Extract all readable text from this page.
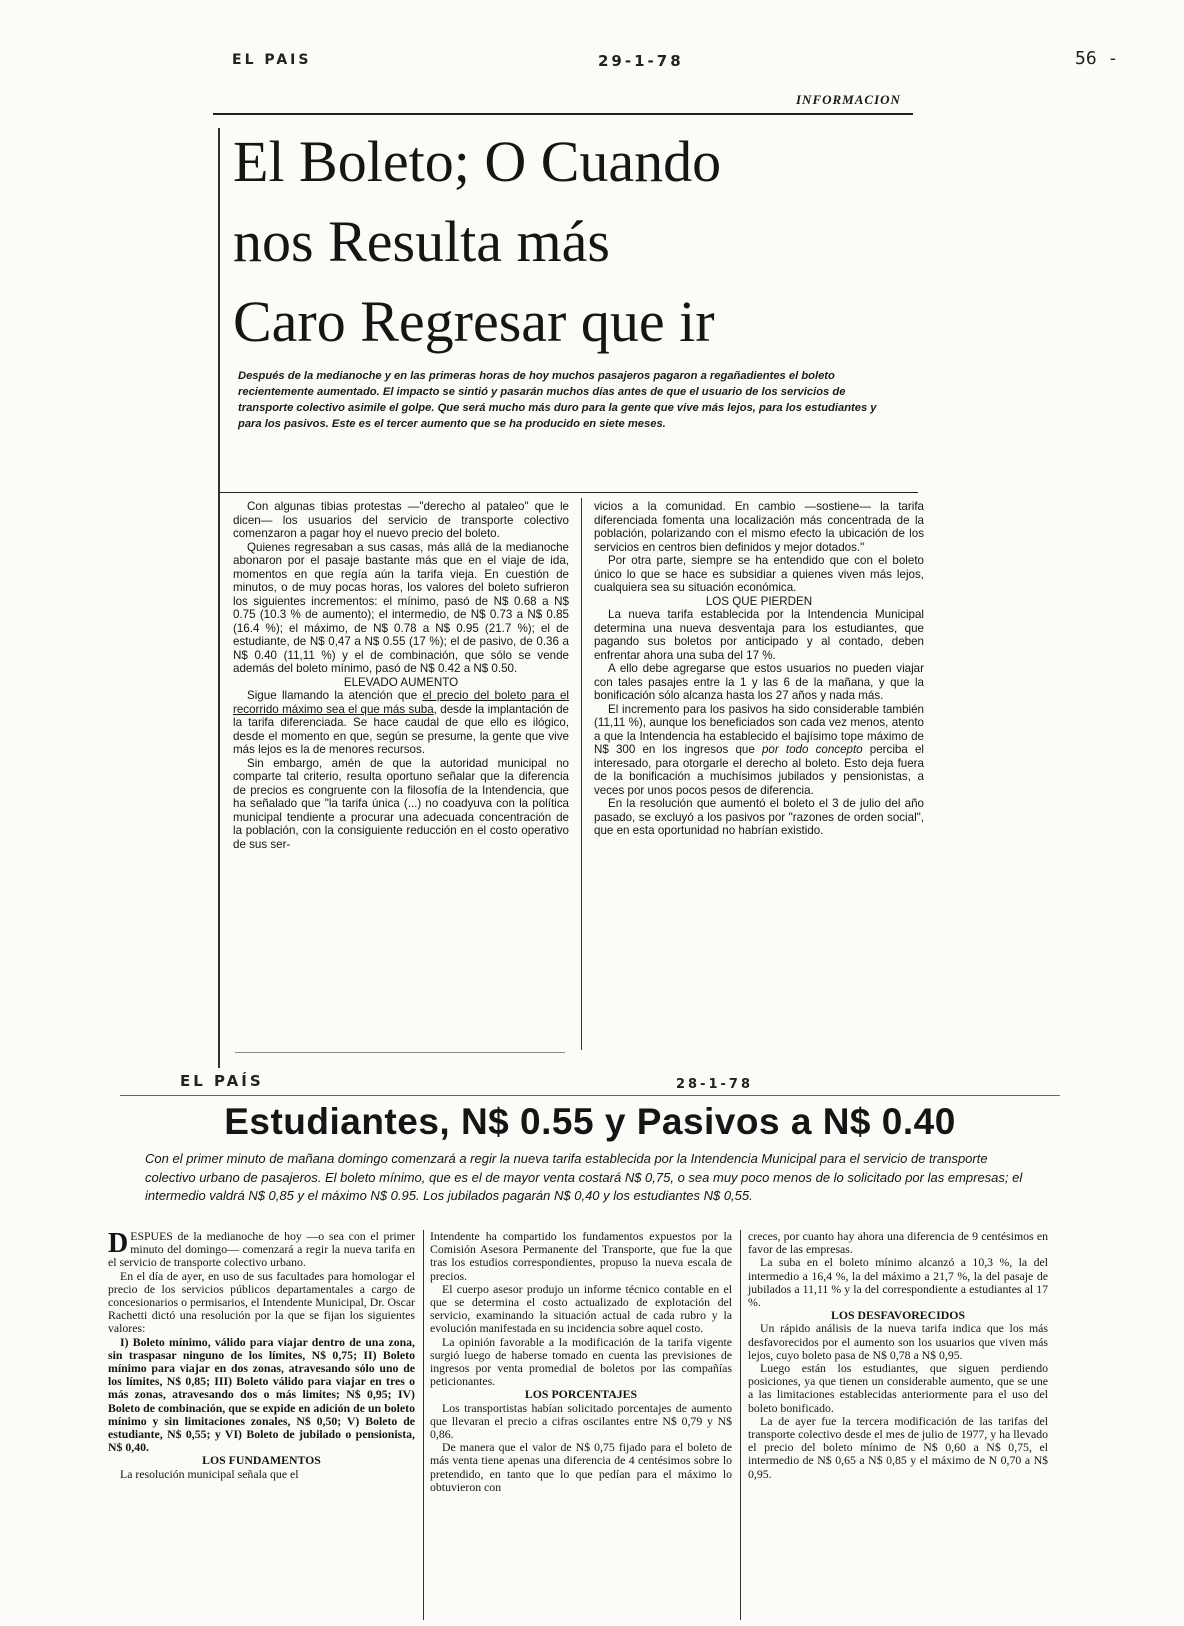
EL PAIS	29-1-78	56 -
INFORMACION
El Boleto; O Cuando
nos Resulta más
Caro Regresar que ir
Después de la medianoche y en las primeras horas de hoy muchos pasajeros pagaron a regañadientes el boleto recientemente aumentado. El impacto se sintió y pasarán muchos días antes de que el usuario de los servicios de transporte colectivo asimile el golpe. Que será mucho más duro para la gente que vive más lejos, para los estudiantes y para los pasivos. Este es el tercer aumento que se ha producido en siete meses.

Con algunas tibias protestas —"derecho al pataleo" que le dicen— los usuarios del servicio de transporte colectivo comenzaron a pagar hoy el nuevo precio del boleto.

Quienes regresaban a sus casas, más allá de la medianoche abonaron por el pasaje bastante más que en el viaje de ida, momentos en que regía aún la tarifa vieja. En cuestión de minutos, o de muy pocas horas, los valores del boleto sufrieron los siguientes incrementos: el mínimo, pasó de N$ 0.68 a N$ 0.75 (10.3 % de aumento); el intermedio, de N$ 0.73 a N$ 0.85 (16.4 %); el máximo, de N$ 0.78 a N$ 0.95 (21.7 %); el de estudiante, de N$ 0,47 a N$ 0.55 (17 %); el de pasivo, de 0.36 a N$ 0.40 (11,11 %) y el de combinación, que sólo se vende además del boleto mínimo, pasó de N$ 0.42 a N$ 0.50.

ELEVADO AUMENTO

Sigue llamando la atención que el precio del boleto para el recorrido máximo sea el que más suba, desde la implantación de la tarifa diferenciada. Se hace caudal de que ello es ilógico, desde el momento en que, según se presume, la gente que vive más lejos es la de menores recursos.

Sin embargo, amén de que la autoridad municipal no comparte tal criterio, resulta oportuno señalar que la diferencia de precios es congruente con la filosofía de la Intendencia, que ha señalado que "la tarifa única (...) no coadyuva con la política municipal tendiente a procurar una adecuada concentración de la población, con la consiguiente reducción en el costo operativo de sus ser-

vicios a la comunidad. En cambio —sostiene— la tarifa diferenciada fomenta una localización más concentrada de la población, polarizando con el mismo efecto la ubicación de los servicios en centros bien definidos y mejor dotados."

Por otra parte, siempre se ha entendido que con el boleto único lo que se hace es subsidiar a quienes viven más lejos, cualquiera sea su situación económica.

LOS QUE PIERDEN

La nueva tarifa establecida por la Intendencia Municipal determina una nueva desventaja para los estudiantes, que pagando sus boletos por anticipado y al contado, deben enfrentar ahora una suba del 17 %.

A ello debe agregarse que estos usuarios no pueden viajar con tales pasajes entre la 1 y las 6 de la mañana, y que la bonificación sólo alcanza hasta los 27 años y nada más.

El incremento para los pasivos ha sido considerable también (11,11 %), aunque los beneficiados son cada vez menos, atento a que la Intendencia ha establecido el bajísimo tope máximo de N$ 300 en los ingresos que por todo concepto perciba el interesado, para otorgarle el derecho al boleto. Esto deja fuera de la bonificación a muchísimos jubilados y pensionistas, a veces por unos pocos pesos de diferencia.

En la resolución que aumentó el boleto el 3 de julio del año pasado, se excluyó a los pasivos por "razones de orden social", que en esta oportunidad no habrían existido.

EL PAÍS	28-1-78
Estudiantes, N$ 0.55 y Pasivos a N$ 0.40
Con el primer minuto de mañana domingo comenzará a regir la nueva tarifa establecida por la Intendencia Municipal para el servicio de transporte colectivo urbano de pasajeros. El boleto mínimo, que es el de mayor venta costará N$ 0,75, o sea muy poco menos de lo solicitado por las empresas; el intermedio valdrá N$ 0,85 y el máximo N$ 0.95. Los jubilados pagarán N$ 0,40 y los estudiantes N$ 0,55.

DESPUES de la medianoche de hoy —o sea con el primer minuto del domingo— comenzará a regir la nueva tarifa en el servicio de transporte colectivo urbano.

En el día de ayer, en uso de sus facultades para homologar el precio de los servicios públicos departamentales a cargo de concesionarios o permisarios, el Intendente Municipal, Dr. Oscar Rachetti dictó una resolución por la que se fijan los siguientes valores:

I) Boleto mínimo, válido para viajar dentro de una zona, sin traspasar ninguno de los límites, N$ 0,75; II) Boleto mínimo para viajar en dos zonas, atravesando sólo uno de los límites, N$ 0,85; III) Boleto válido para viajar en tres o más zonas, atravesando dos o más limites; N$ 0,95; IV) Boleto de combinación, que se expide en adición de un boleto mínimo y sin limitaciones zonales, N$ 0,50; V) Boleto de estudiante, N$ 0,55; y VI) Boleto de jubilado o pensionista, N$ 0,40.

LOS FUNDAMENTOS

La resolución municipal señala que el

Intendente ha compartido los fundamentos expuestos por la Comisión Asesora Permanente del Transporte, que fue la que tras los estudios correspondientes, propuso la nueva escala de precios.

El cuerpo asesor produjo un informe técnico contable en el que se determina el costo actualizado de explotación del servicio, examinando la situación actual de cada rubro y la evolución manifestada en su incidencia sobre aquel costo.

La opinión favorable a la modificación de la tarifa vigente surgió luego de haberse tomado en cuenta las previsiones de ingresos por venta promedial de boletos por las compañías peticionantes.

LOS PORCENTAJES

Los transportistas habían solicitado porcentajes de aumento que llevaran el precio a cifras oscilantes entre N$ 0,79 y N$ 0,86.

De manera que el valor de N$ 0,75 fijado para el boleto de más venta tiene apenas una diferencia de 4 centésimos sobre lo pretendido, en tanto que lo que pedían para el máximo lo obtuvieron con

creces, por cuanto hay ahora una diferencia de 9 centésimos en favor de las empresas.

La suba en el boleto mínimo alcanzó a 10,3 %, la del intermedio a 16,4 %, la del máximo a 21,7 %, la del pasaje de jubilados a 11,11 % y la del correspondiente a estudiantes al 17 %.

LOS DESFAVORECIDOS

Un rápido análisis de la nueva tarifa indica que los más desfavorecidos por el aumento son los usuarios que viven más lejos, cuyo boleto pasa de N$ 0,78 a N$ 0,95.

Luego están los estudiantes, que siguen perdiendo posiciones, ya que tienen un considerable aumento, que se une a las limitaciones establecidas anteriormente para el uso del boleto bonificado.

La de ayer fue la tercera modificación de las tarifas del transporte colectivo desde el mes de julio de 1977, y ha llevado el precio del boleto mínimo de N$ 0,60 a N$ 0,75, el intermedio de N$ 0,65 a N$ 0,85 y el máximo de N 0,70 a N$ 0,95.
